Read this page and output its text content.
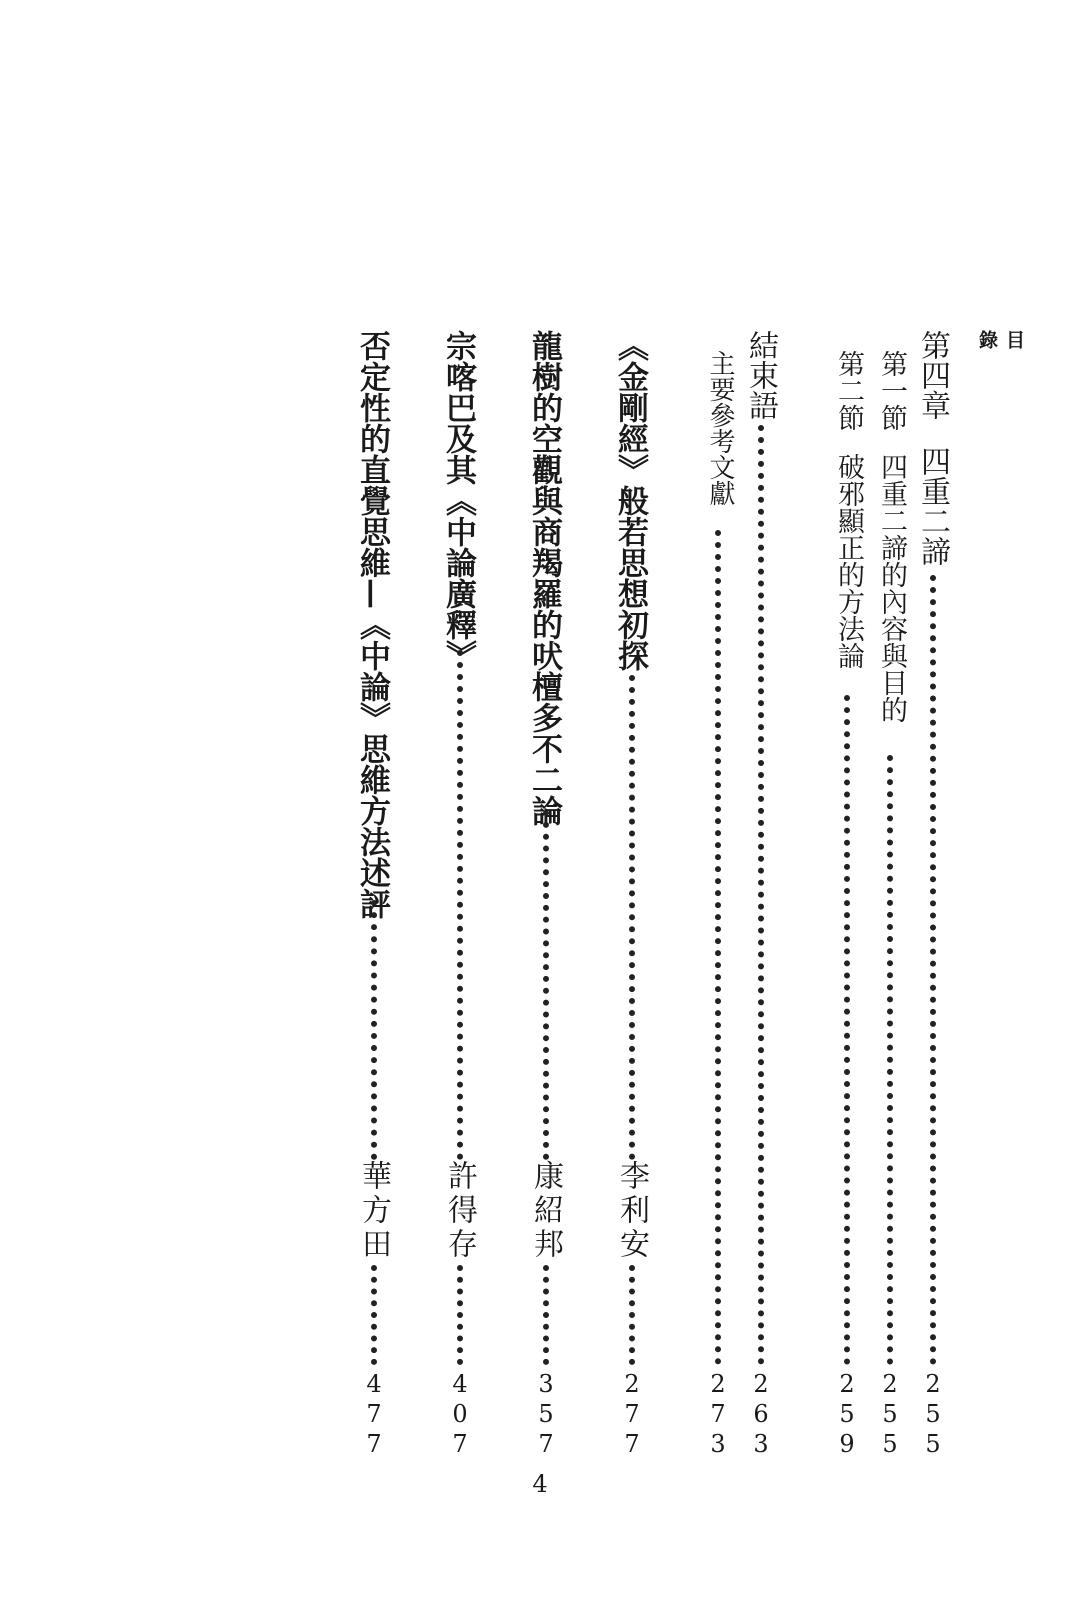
目 錄
第四章四重二諦
255
第一節四重二諦的內容與目的
255
第二節破邪顯正的方法論
259
結束語
263
主要參考文獻
273
《金剛經》般若思想初探
李利安
277
龍樹的空觀與商羯羅的吠檀多不二論
康紹邦
357
宗喀巴及其《中論廣釋》
許得存
407
否定性的直覺思維—《中論》思維方法述評
華方田
477
4
